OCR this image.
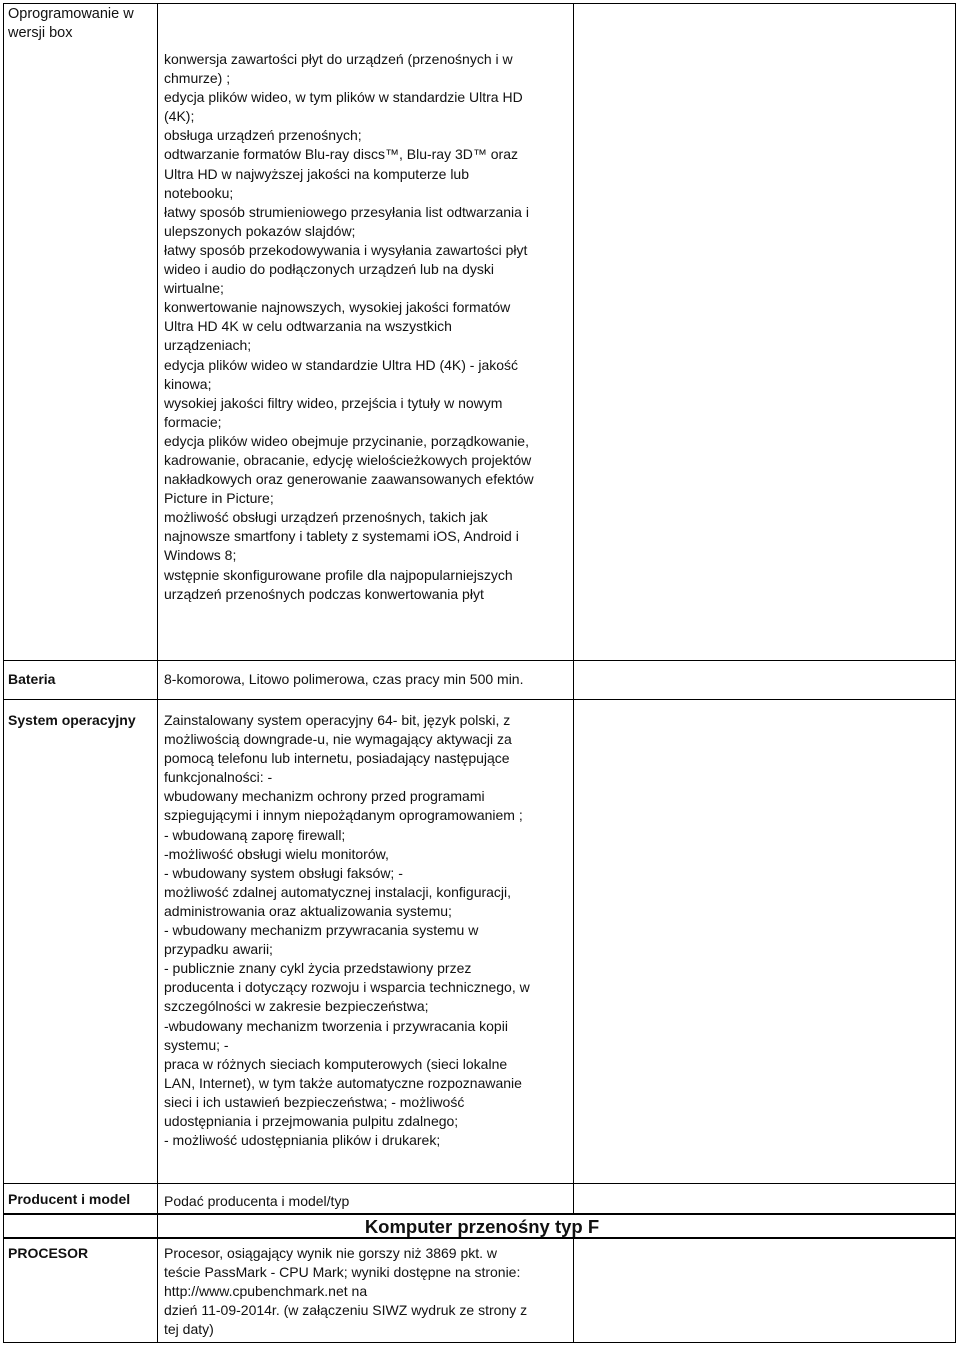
Oprogramowanie w
wersji box
konwersja zawartości płyt do urządzeń (przenośnych i w
chmurze) ;
edycja plików wideo, w tym plików w standardzie Ultra HD
(4K);
obsługa urządzeń przenośnych;
odtwarzanie formatów Blu-ray discs™, Blu-ray 3D™ oraz
Ultra HD w najwyższej jakości na komputerze lub
notebooku;
łatwy sposób strumieniowego przesyłania list odtwarzania i
ulepszonych pokazów slajdów;
łatwy sposób przekodowywania i wysyłania zawartości płyt
wideo i audio do podłączonych urządzeń lub na dyski
wirtualne;
konwertowanie najnowszych, wysokiej jakości formatów
Ultra HD 4K w celu odtwarzania na wszystkich
urządzeniach;
edycja plików wideo w standardzie Ultra HD (4K) - jakość
kinowa;
wysokiej jakości filtry wideo, przejścia i tytuły w nowym
formacie;
edycja plików wideo obejmuje przycinanie, porządkowanie,
kadrowanie, obracanie, edycję wielościeżkowych projektów
nakładkowych oraz generowanie zaawansowanych efektów
Picture in Picture;
możliwość obsługi urządzeń przenośnych, takich jak
najnowsze smartfony i tablety z systemami iOS, Android i
Windows 8;
wstępnie skonfigurowane profile dla najpopularniejszych
urządzeń przenośnych podczas konwertowania płyt
Bateria	8-komorowa, Litowo polimerowa, czas pracy min 500 min.
System operacyjny Zainstalowany system operacyjny 64- bit, język polski, z
możliwością downgrade-u, nie wymagający aktywacji za
pomocą telefonu lub internetu, posiadający następujące
funkcjonalności: -
wbudowany mechanizm ochrony przed programami
szpiegującymi i innym niepożądanym oprogramowaniem ;
- wbudowaną zaporę firewall;
-możliwość obsługi wielu monitorów,
- wbudowany system obsługi faksów; -
możliwość zdalnej automatycznej instalacji, konfiguracji,
administrowania oraz aktualizowania systemu;
- wbudowany mechanizm przywracania systemu w
przypadku awarii;
- publicznie znany cykl życia przedstawiony przez
producenta i dotyczący rozwoju i wsparcia technicznego, w
szczególności w zakresie bezpieczeństwa;
-wbudowany mechanizm tworzenia i przywracania kopii
systemu; -
praca w różnych sieciach komputerowych (sieci lokalne
LAN, Internet), w tym także automatyczne rozpoznawanie
sieci i ich ustawień bezpieczeństwa; - możliwość
udostępniania i przejmowania pulpitu zdalnego;
- możliwość udostępniania plików i drukarek;
Producent i model Podać producenta i model/typ
Komputer przenośny typ F
PROCESOR	Procesor, osiągający wynik nie gorszy niż 3869 pkt. w
teście PassMark - CPU Mark; wyniki dostępne na stronie:
http://www.cpubenchmark.net na
dzień 11-09-2014r. (w załączeniu SIWZ wydruk ze strony z
tej daty)
